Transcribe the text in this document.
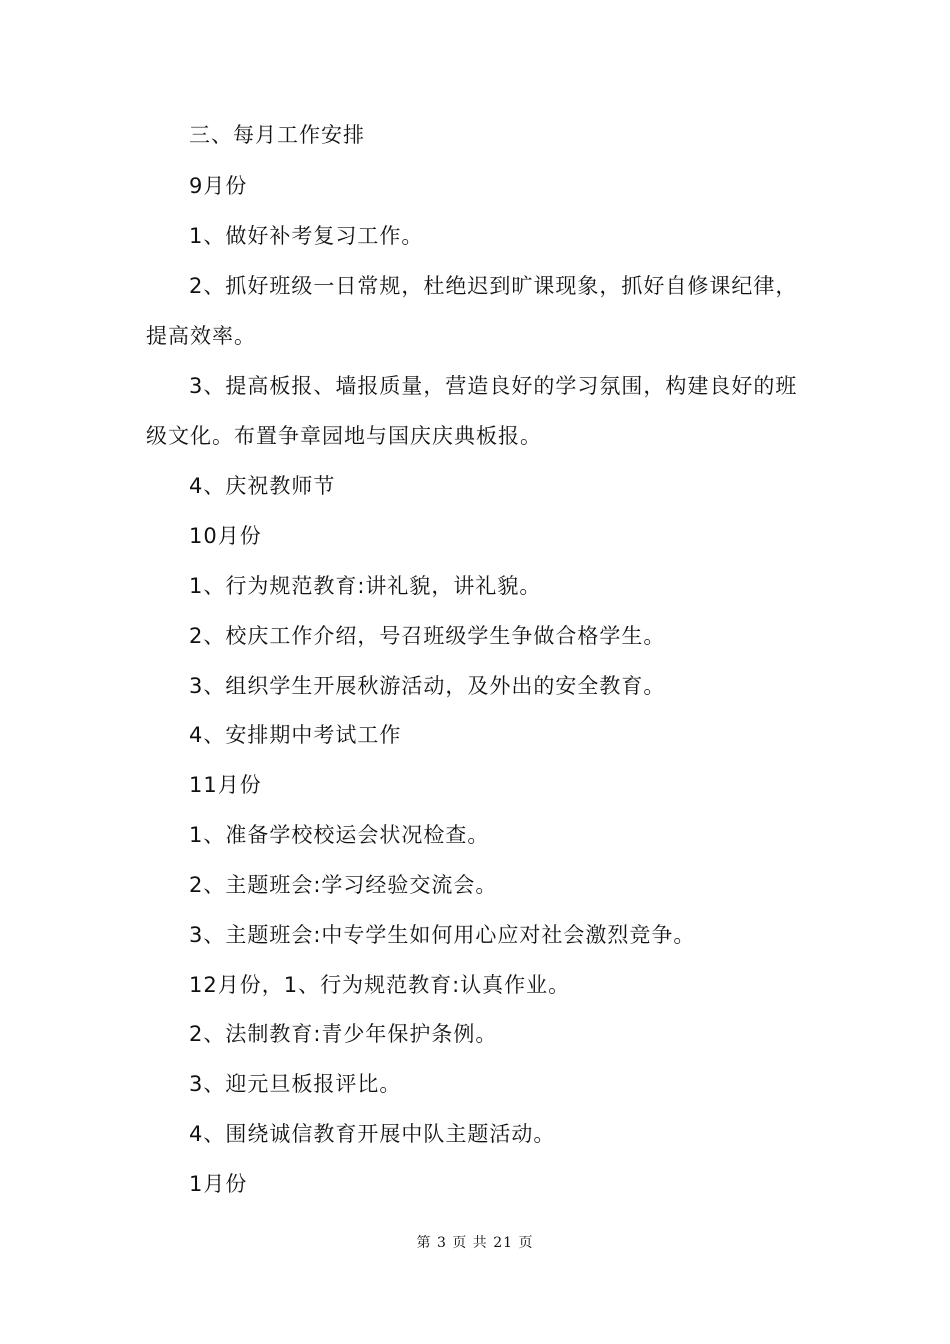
三、每月工作安排
9月份
1、做好补考复习工作。
2、抓好班级一日常规，杜绝迟到旷课现象，抓好自修课纪律，
提高效率。
3、提高板报、墙报质量，营造良好的学习氛围，构建良好的班
级文化。布置争章园地与国庆庆典板报。
4、庆祝教师节
10月份
1、行为规范教育:讲礼貌，讲礼貌。
2、校庆工作介绍，号召班级学生争做合格学生。
3、组织学生开展秋游活动，及外出的安全教育。
4、安排期中考试工作
11月份
1、准备学校校运会状况检查。
2、主题班会:学习经验交流会。
3、主题班会:中专学生如何用心应对社会激烈竞争。
12月份，1、行为规范教育:认真作业。
2、法制教育:青少年保护条例。
3、迎元旦板报评比。
4、围绕诚信教育开展中队主题活动。
1月份
第 3 页 共 21 页
